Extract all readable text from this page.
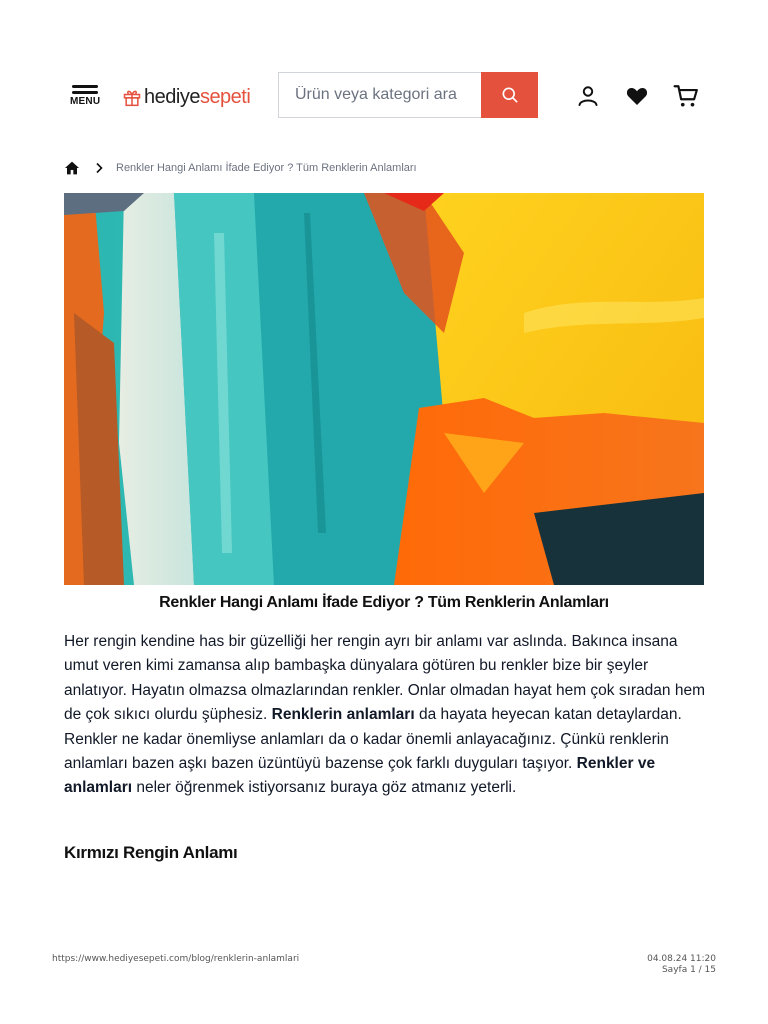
MENU hediye sepeti
Ürün veya kategori ara
Renkler Hangi Anlamı İfade Ediyor ? Tüm Renklerin Anlamları
Renkler Hangi Anlamı İfade Ediyor ? Tüm Renklerin Anlamları
Her rengin kendine has bir güzelliği her rengin ayrı bir anlamı var aslında. Bakınca insana umut veren kimi zamansa alıp bambaşka dünyalara götüren bu renkler bize bir şeyler anlatıyor. Hayatın olmazsa olmazlarından renkler. Onlar olmadan hayat hem çok sıradan hem de çok sıkıcı olurdu şüphesiz. Renklerin anlamları da hayata heyecan katan detaylardan. Renkler ne kadar önemliyse anlamları da o kadar önemli anlayacağınız. Çünkü renklerin anlamları bazen aşkı bazen üzüntüyü bazense çok farklı duyguları taşıyor. Renkler ve anlamları neler öğrenmek istiyorsanız buraya göz atmanız yeterli.
Kırmızı Rengin Anlamı
https://www.hediyesepeti.com/blog/renklerin-anlamlari	04.08.24 11:20
Sayfa 1 / 15
